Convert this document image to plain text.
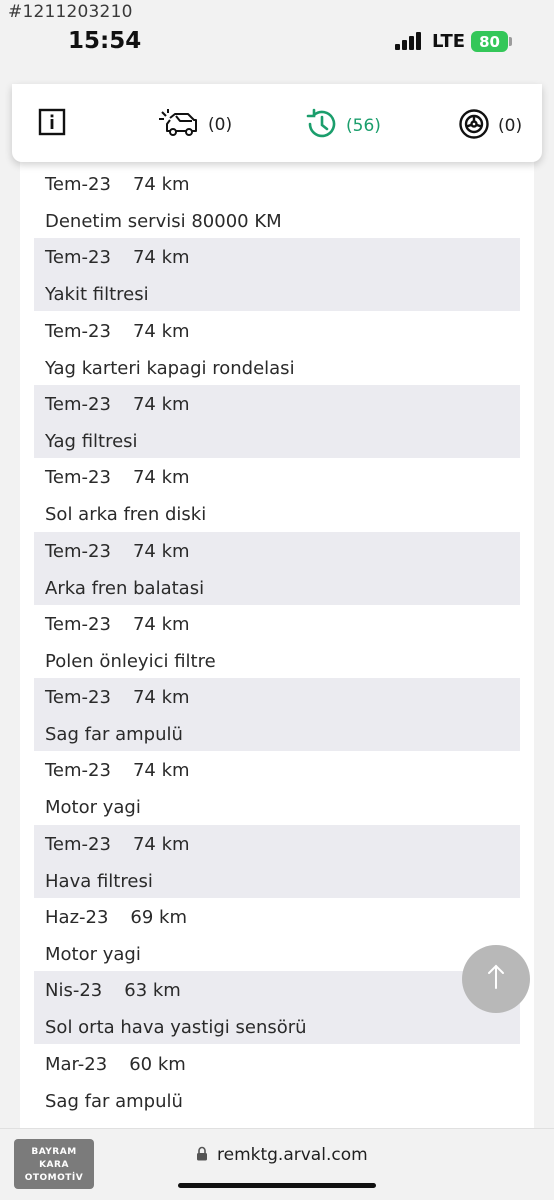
#1211203210
15:54	LTE 80
Tem-23 74 km
Denetim servisi 80000 KM
Tem-23 74 km
Yakit filtresi
Tem-23 74 km
Yag karteri kapagi rondelasi
Tem-23 74 km
Yag filtresi
Tem-23 74 km
Sol arka fren diski
Tem-23 74 km
Arka fren balatasi
Tem-23 74 km
Polen önleyici filtre
Tem-23 74 km
Sag far ampulü
Tem-23 74 km
Motor yagi
Tem-23 74 km
Hava filtresi
Haz-23 69 km
Motor yagi
Nis-23 63 km
Sol orta hava yastigi sensörü
Mar-23 60 km
Sag far ampulü
(0)	(56)	(0)
BAYRAM
KARA
OTOMOTİV
remktg.arval.com
